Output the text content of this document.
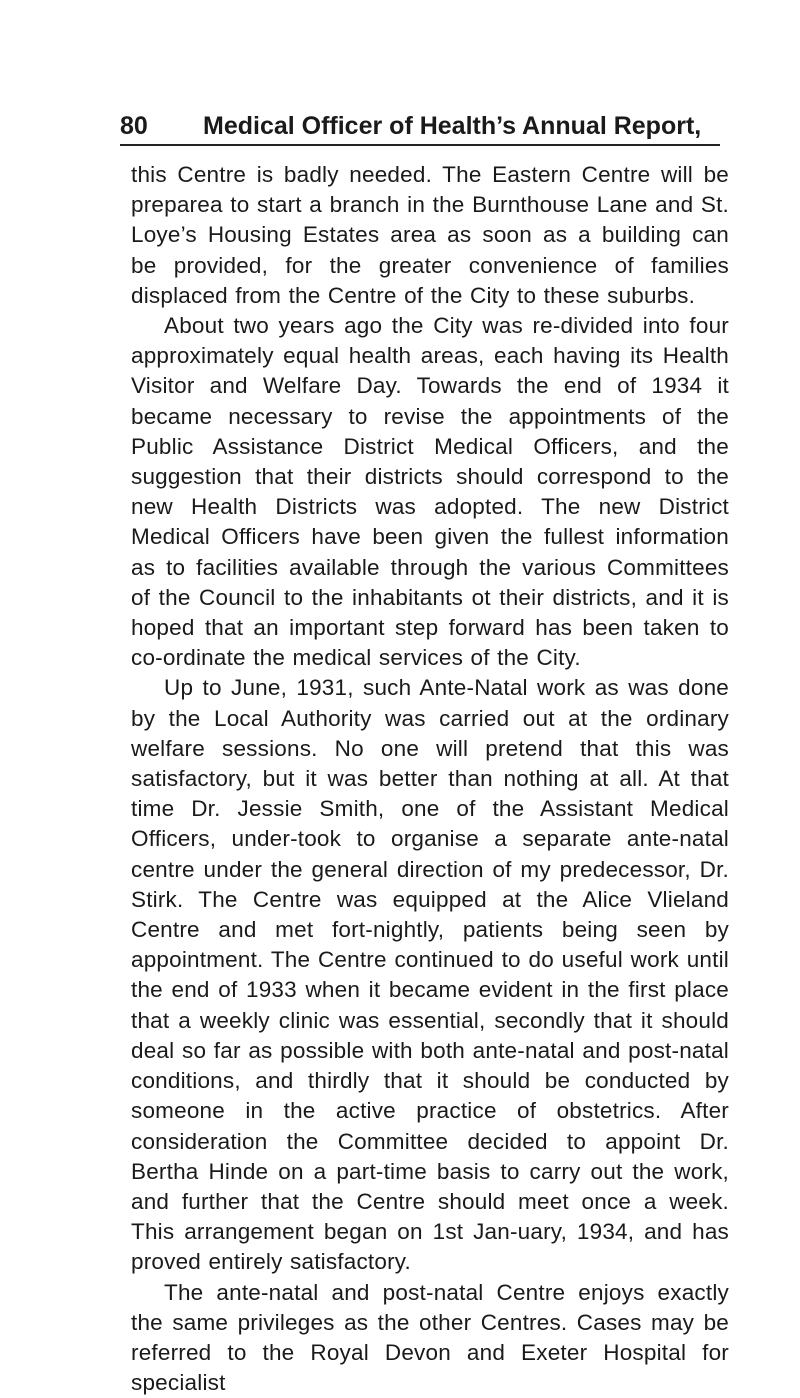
80 Medical Officer of Health’s Annual Report,

this Centre is badly needed. The Eastern Centre will be preparea to start a branch in the Burnthouse Lane and St. Loye’s Housing Estates area as soon as a building can be provided, for the greater convenience of families displaced from the Centre of the City to these suburbs.

About two years ago the City was re-divided into four approximately equal health areas, each having its Health Visitor and Welfare Day. Towards the end of 1934 it became necessary to revise the appointments of the Public Assistance District Medical Officers, and the suggestion that their districts should correspond to the new Health Districts was adopted. The new District Medical Officers have been given the fullest information as to facilities available through the various Committees of the Council to the inhabitants ot their districts, and it is hoped that an important step forward has been taken to co-ordinate the medical services of the City.

Up to June, 1931, such Ante-Natal work as was done by the Local Authority was carried out at the ordinary welfare sessions. No one will pretend that this was satisfactory, but it was better than nothing at all. At that time Dr. Jessie Smith, one of the Assistant Medical Officers, under-took to organise a separate ante-natal centre under the general direction of my predecessor, Dr. Stirk. The Centre was equipped at the Alice Vlieland Centre and met fort-nightly, patients being seen by appointment. The Centre continued to do useful work until the end of 1933 when it became evident in the first place that a weekly clinic was essential, secondly that it should deal so far as possible with both ante-natal and post-natal conditions, and thirdly that it should be conducted by someone in the active practice of obstetrics. After consideration the Committee decided to appoint Dr. Bertha Hinde on a part-time basis to carry out the work, and further that the Centre should meet once a week. This arrangement began on 1st Jan-uary, 1934, and has proved entirely satisfactory.

The ante-natal and post-natal Centre enjoys exactly the same privileges as the other Centres. Cases may be referred to the Royal Devon and Exeter Hospital for specialist
